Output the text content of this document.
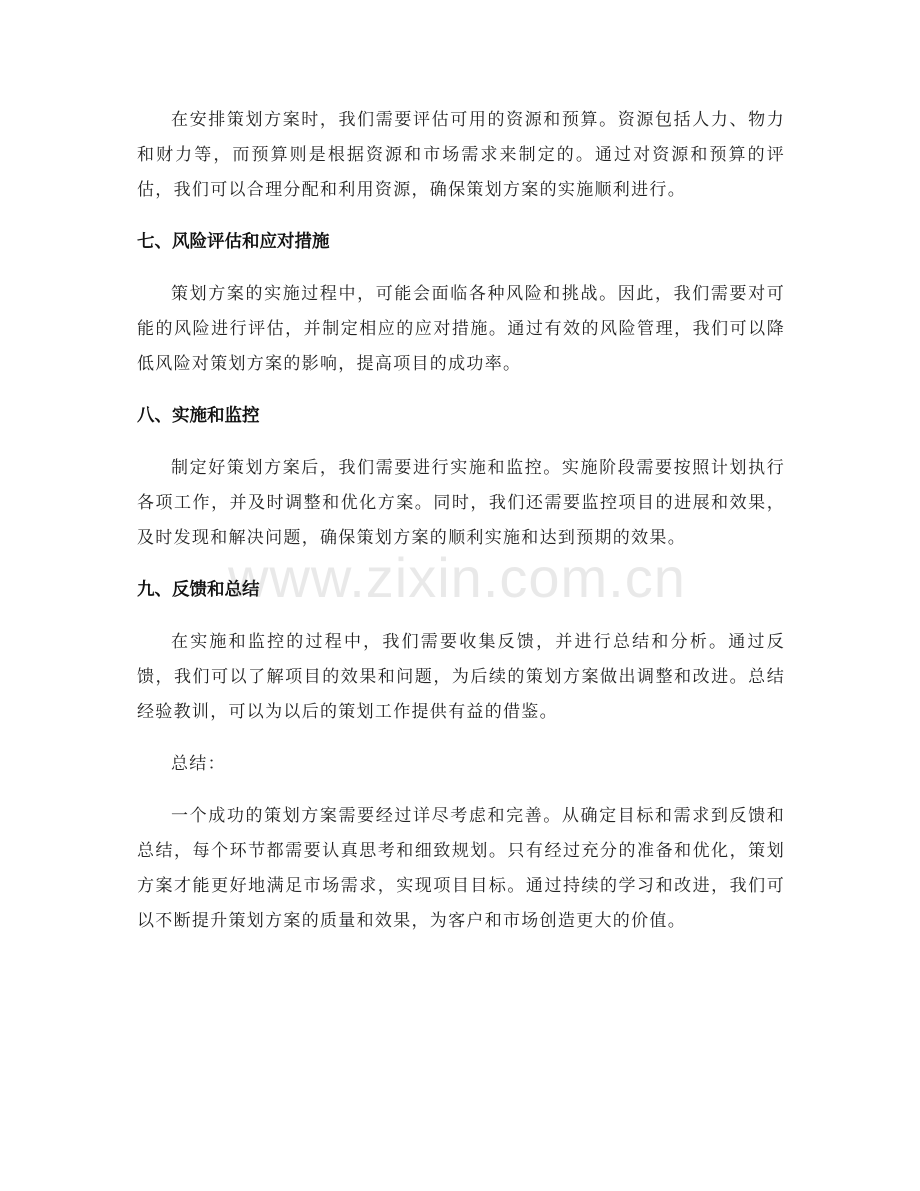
在安排策划方案时，我们需要评估可用的资源和预算。资源包括人力、物力和财力等，而预算则是根据资源和市场需求来制定的。通过对资源和预算的评估，我们可以合理分配和利用资源，确保策划方案的实施顺利进行。

七、风险评估和应对措施

策划方案的实施过程中，可能会面临各种风险和挑战。因此，我们需要对可能的风险进行评估，并制定相应的应对措施。通过有效的风险管理，我们可以降低风险对策划方案的影响，提高项目的成功率。

八、实施和监控

制定好策划方案后，我们需要进行实施和监控。实施阶段需要按照计划执行各项工作，并及时调整和优化方案。同时，我们还需要监控项目的进展和效果，及时发现和解决问题，确保策划方案的顺利实施和达到预期的效果。

九、反馈和总结

在实施和监控的过程中，我们需要收集反馈，并进行总结和分析。通过反馈，我们可以了解项目的效果和问题，为后续的策划方案做出调整和改进。总结经验教训，可以为以后的策划工作提供有益的借鉴。

总结：

一个成功的策划方案需要经过详尽考虑和完善。从确定目标和需求到反馈和总结，每个环节都需要认真思考和细致规划。只有经过充分的准备和优化，策划方案才能更好地满足市场需求，实现项目目标。通过持续的学习和改进，我们可以不断提升策划方案的质量和效果，为客户和市场创造更大的价值。

www.zixin.com.cn
